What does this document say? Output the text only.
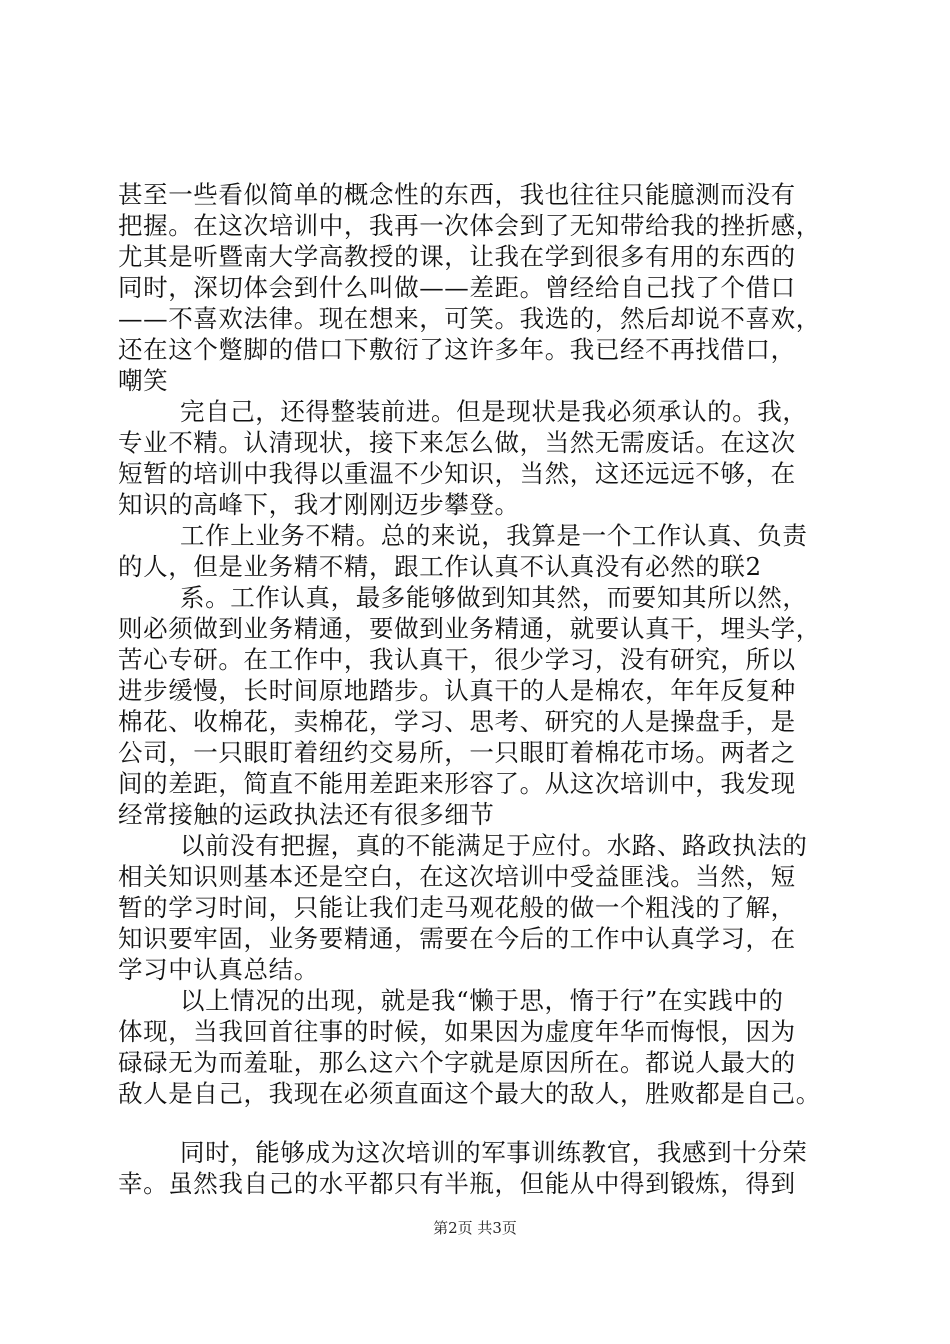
甚至一些看似简单的概念性的东西，我也往往只能臆测而没有
把握。在这次培训中，我再一次体会到了无知带给我的挫折感，
尤其是听暨南大学高教授的课，让我在学到很多有用的东西的
同时，深切体会到什么叫做——差距。曾经给自己找了个借口
——不喜欢法律。现在想来，可笑。我选的，然后却说不喜欢，
还在这个蹩脚的借口下敷衍了这许多年。我已经不再找借口，
嘲笑
完自己，还得整装前进。但是现状是我必须承认的。我，
专业不精。认清现状，接下来怎么做，当然无需废话。在这次
短暂的培训中我得以重温不少知识，当然，这还远远不够，在
知识的高峰下，我才刚刚迈步攀登。
工作上业务不精。总的来说，我算是一个工作认真、负责
的人，但是业务精不精，跟工作认真不认真没有必然的联2
系。工作认真，最多能够做到知其然，而要知其所以然，
则必须做到业务精通，要做到业务精通，就要认真干，埋头学，
苦心专研。在工作中，我认真干，很少学习，没有研究，所以
进步缓慢，长时间原地踏步。认真干的人是棉农，年年反复种
棉花、收棉花，卖棉花，学习、思考、研究的人是操盘手，是
公司，一只眼盯着纽约交易所，一只眼盯着棉花市场。两者之
间的差距，简直不能用差距来形容了。从这次培训中，我发现
经常接触的运政执法还有很多细节
以前没有把握，真的不能满足于应付。水路、路政执法的
相关知识则基本还是空白，在这次培训中受益匪浅。当然，短
暂的学习时间，只能让我们走马观花般的做一个粗浅的了解，
知识要牢固，业务要精通，需要在今后的工作中认真学习，在
学习中认真总结。
以上情况的出现，就是我“懒于思，惰于行”在实践中的
体现，当我回首往事的时候，如果因为虚度年华而悔恨，因为
碌碌无为而羞耻，那么这六个字就是原因所在。都说人最大的
敌人是自己，我现在必须直面这个最大的敌人，胜败都是自己。
同时，能够成为这次培训的军事训练教官，我感到十分荣
幸。虽然我自己的水平都只有半瓶，但能从中得到锻炼，得到
第2页 共3页
